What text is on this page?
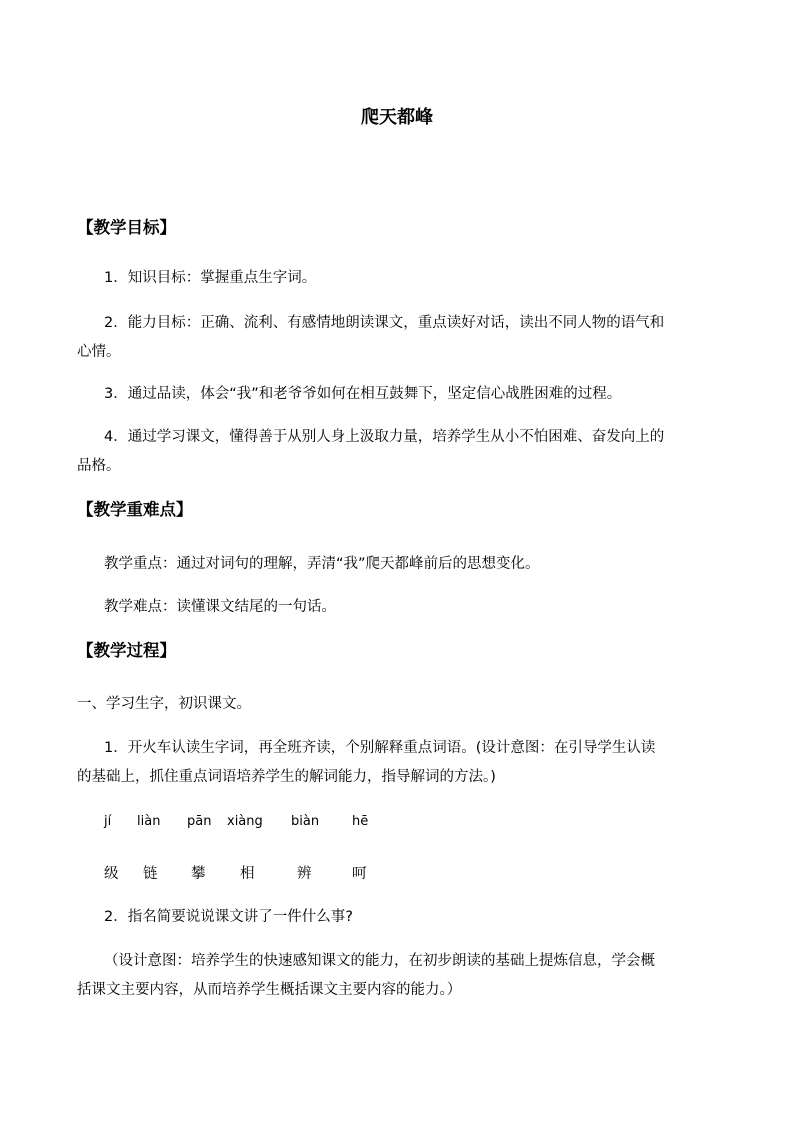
爬天都峰
【教学目标】
1．知识目标：掌握重点生字词。
2．能力目标：正确、流利、有感情地朗读课文，重点读好对话，读出不同人物的语气和
心情。
3．通过品读，体会“我”和老爷爷如何在相互鼓舞下，坚定信心战胜困难的过程。
4．通过学习课文，懂得善于从别人身上汲取力量，培养学生从小不怕困难、奋发向上的
品格。
【教学重难点】
教学重点：通过对词句的理解，弄清“我”爬天都峰前后的思想变化。
教学难点：读懂课文结尾的一句话。
【教学过程】
一、学习生字，初识课文。
1．开火车认读生字词，再全班齐读，个别解释重点词语。(设计意图：在引导学生认读
的基础上，抓住重点词语培养学生的解词能力，指导解词的方法。)
jí liàn pān xiàng biàn	hē
级 链 攀 相	辨	呵
2．指名简要说说课文讲了一件什么事?
（设计意图：培养学生的快速感知课文的能力，在初步朗读的基础上提炼信息，学会概
括课文主要内容，从而培养学生概括课文主要内容的能力。）
